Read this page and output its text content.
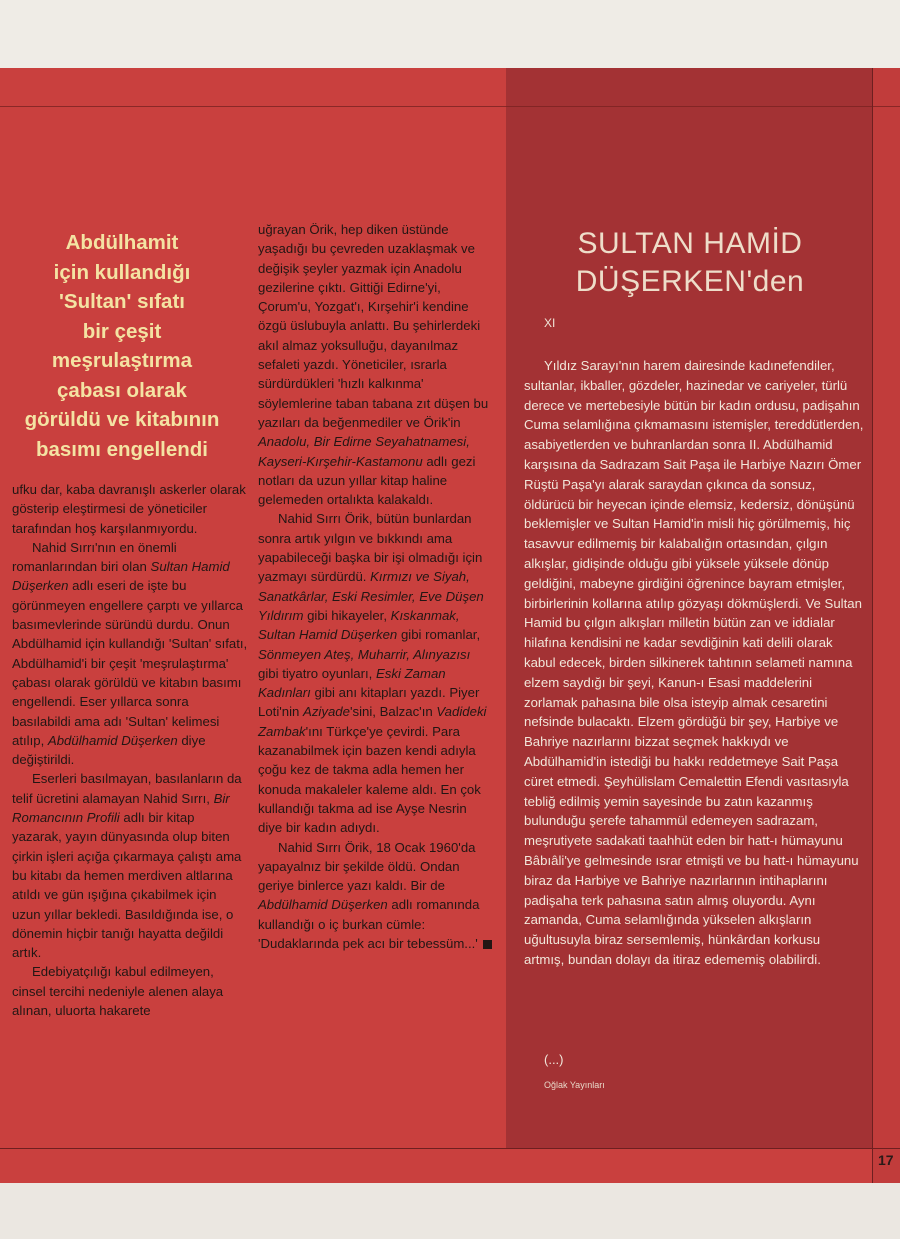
Abdülhamit
için kullandığı
'Sultan' sıfatı
bir çeşit
meşrulaştırma
çabası olarak
görüldü ve kitabının
basımı engellendi

ufku dar, kaba davranışlı askerler olarak gösterip eleştirmesi de yöneticiler tarafından hoş karşılanmıyordu.

Nahid Sırrı'nın en önemli romanlarından biri olan Sultan Hamid Düşerken adlı eseri de işte bu görünmeyen engellere çarptı ve yıllarca basımevlerinde süründü durdu. Onun Abdülhamid için kullandığı 'Sultan' sıfatı, Abdülhamid'i bir çeşit 'meşrulaştırma' çabası olarak görüldü ve kitabın basımı engellendi. Eser yıllarca sonra basılabildi ama adı 'Sultan' kelimesi atılıp, Abdülhamid Düşerken diye değiştirildi.

Eserleri basılmayan, basılanların da telif ücretini alamayan Nahid Sırrı, Bir Romancının Profili adlı bir kitap yazarak, yayın dünyasında olup biten çirkin işleri açığa çıkarmaya çalıştı ama bu kitabı da hemen merdiven altlarına atıldı ve gün ışığına çıkabilmek için uzun yıllar bekledi. Basıldığında ise, o dönemin hiçbir tanığı hayatta değildi artık.

Edebiyatçılığı kabul edilmeyen, cinsel tercihi nedeniyle alenen alaya alınan, uluorta hakarete

uğrayan Örik, hep diken üstünde yaşadığı bu çevreden uzaklaşmak ve değişik şeyler yazmak için Anadolu gezilerine çıktı. Gittiği Edirne'yi, Çorum'u, Yozgat'ı, Kırşehir'i kendine özgü üslubuyla anlattı. Bu şehirlerdeki akıl almaz yoksulluğu, dayanılmaz sefaleti yazdı. Yöneticiler, ısrarla sürdürdükleri 'hızlı kalkınma' söylemlerine taban tabana zıt düşen bu yazıları da beğenmediler ve Örik'in Anadolu, Bir Edirne Seyahatnamesi, Kayseri-Kırşehir-Kastamonu adlı gezi notları da uzun yıllar kitap haline gelemeden ortalıkta kalakaldı.

Nahid Sırrı Örik, bütün bunlardan sonra artık yılgın ve bıkkındı ama yapabileceği başka bir işi olmadığı için yazmayı sürdürdü. Kırmızı ve Siyah, Sanatkârlar, Eski Resimler, Eve Düşen Yıldırım gibi hikayeler, Kıskanmak, Sultan Hamid Düşerken gibi romanlar, Sönmeyen Ateş, Muharrir, Alınyazısı gibi tiyatro oyunları, Eski Zaman Kadınları gibi anı kitapları yazdı. Piyer Loti'nin Aziyade'sini, Balzac'ın Vadideki Zambak'ını Türkçe'ye çevirdi. Para kazanabilmek için bazen kendi adıyla çoğu kez de takma adla hemen her konuda makaleler kaleme aldı. En çok kullandığı takma ad ise Ayşe Nesrin diye bir kadın adıydı.

Nahid Sırrı Örik, 18 Ocak 1960'da yapayalnız bir şekilde öldü. Ondan geriye binlerce yazı kaldı. Bir de Abdülhamid Düşerken adlı romanında kullandığı o iç burkan cümle: 'Dudaklarında pek acı bir tebessüm...'

SULTAN HAMİD
DÜŞERKEN'den
XI

Yıldız Sarayı'nın harem dairesinde kadınefendiler, sultanlar, ikballer, gözdeler, hazinedar ve cariyeler, türlü derece ve mertebesiyle bütün bir kadın ordusu, padişahın Cuma selamlığına çıkmamasını istemişler, tereddütlerden, asabiyetlerden ve buhranlardan sonra II. Abdülhamid karşısına da Sadrazam Sait Paşa ile Harbiye Nazırı Ömer Rüştü Paşa'yı alarak saraydan çıkınca da sonsuz, öldürücü bir heyecan içinde elemsiz, kedersiz, dönüşünü beklemişler ve Sultan Hamid'in misli hiç görülmemiş, hiç tasavvur edilmemiş bir kalabalığın ortasından, çılgın alkışlar, gidişinde olduğu gibi yüksele yüksele dönüp geldiğini, mabeyne girdiğini öğrenince bayram etmişler, birbirlerinin kollarına atılıp gözyaşı dökmüşlerdi. Ve Sultan Hamid bu çılgın alkışları milletin bütün zan ve iddialar hilafına kendisini ne kadar sevdiğinin kati delili olarak kabul edecek, birden silkinerek tahtının selameti namına elzem saydığı bir şeyi, Kanun-ı Esasi maddelerini zorlamak pahasına bile olsa isteyip almak cesaretini nefsinde bulacaktı. Elzem gördüğü bir şey, Harbiye ve Bahriye nazırlarını bizzat seçmek hakkıydı ve Abdülhamid'in istediği bu hakkı reddetmeye Sait Paşa cüret etmedi. Şeyhülislam Cemalettin Efendi vasıtasıyla tebliğ edilmiş yemin sayesinde bu zatın kazanmış bulunduğu şerefe tahammül edemeyen sadrazam, meşrutiyete sadakati taahhüt eden bir hatt-ı hümayunu Bâbıâli'ye gelmesinde ısrar etmişti ve bu hatt-ı hümayunu biraz da Harbiye ve Bahriye nazırlarının intihaplarını padişaha terk pahasına satın almış oluyordu. Aynı zamanda, Cuma selamlığında yükselen alkışların uğultusuyla biraz sersemlemiş, hünkârdan korkusu artmış, bundan dolayı da itiraz edememiş olabilirdi.

(...)
Oğlak Yayınları
17
